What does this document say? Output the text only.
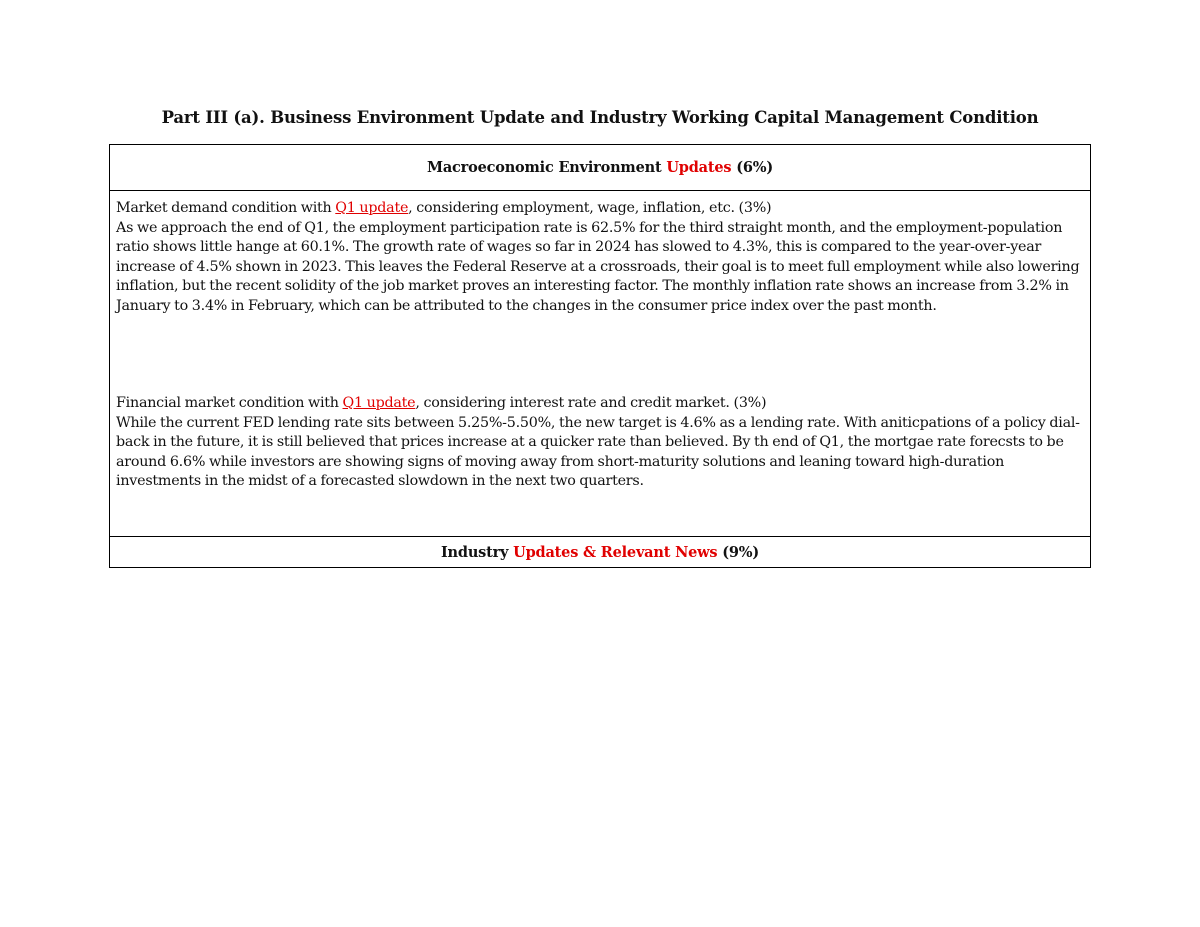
Part III (a). Business Environment Update and Industry Working Capital Management Condition
Macroeconomic Environment Updates (6%)

Market demand condition with Q1 update, considering employment, wage, inflation, etc. (3%)

As we approach the end of Q1, the employment participation rate is 62.5% for the third straight month, and the employment-population ratio shows little hange at 60.1%. The growth rate of wages so far in 2024 has slowed to 4.3%, this is compared to the year-over-year increase of 4.5% shown in 2023. This leaves the Federal Reserve at a crossroads, their goal is to meet full employment while also lowering inflation, but the recent solidity of the job market proves an interesting factor. The monthly inflation rate shows an increase from 3.2% in January to 3.4% in February, which can be attributed to the changes in the consumer price index over the past month.

Financial market condition with Q1 update, considering interest rate and credit market. (3%)

While the current FED lending rate sits between 5.25%-5.50%, the new target is 4.6% as a lending rate. With aniticpations of a policy dial-back in the future, it is still believed that prices increase at a quicker rate than believed. By th end of Q1, the mortgae rate forecsts to be around 6.6% while investors are showing signs of moving away from short-maturity solutions and leaning toward high-duration investments in the midst of a forecasted slowdown in the next two quarters.

Industry Updates & Relevant News (9%)
